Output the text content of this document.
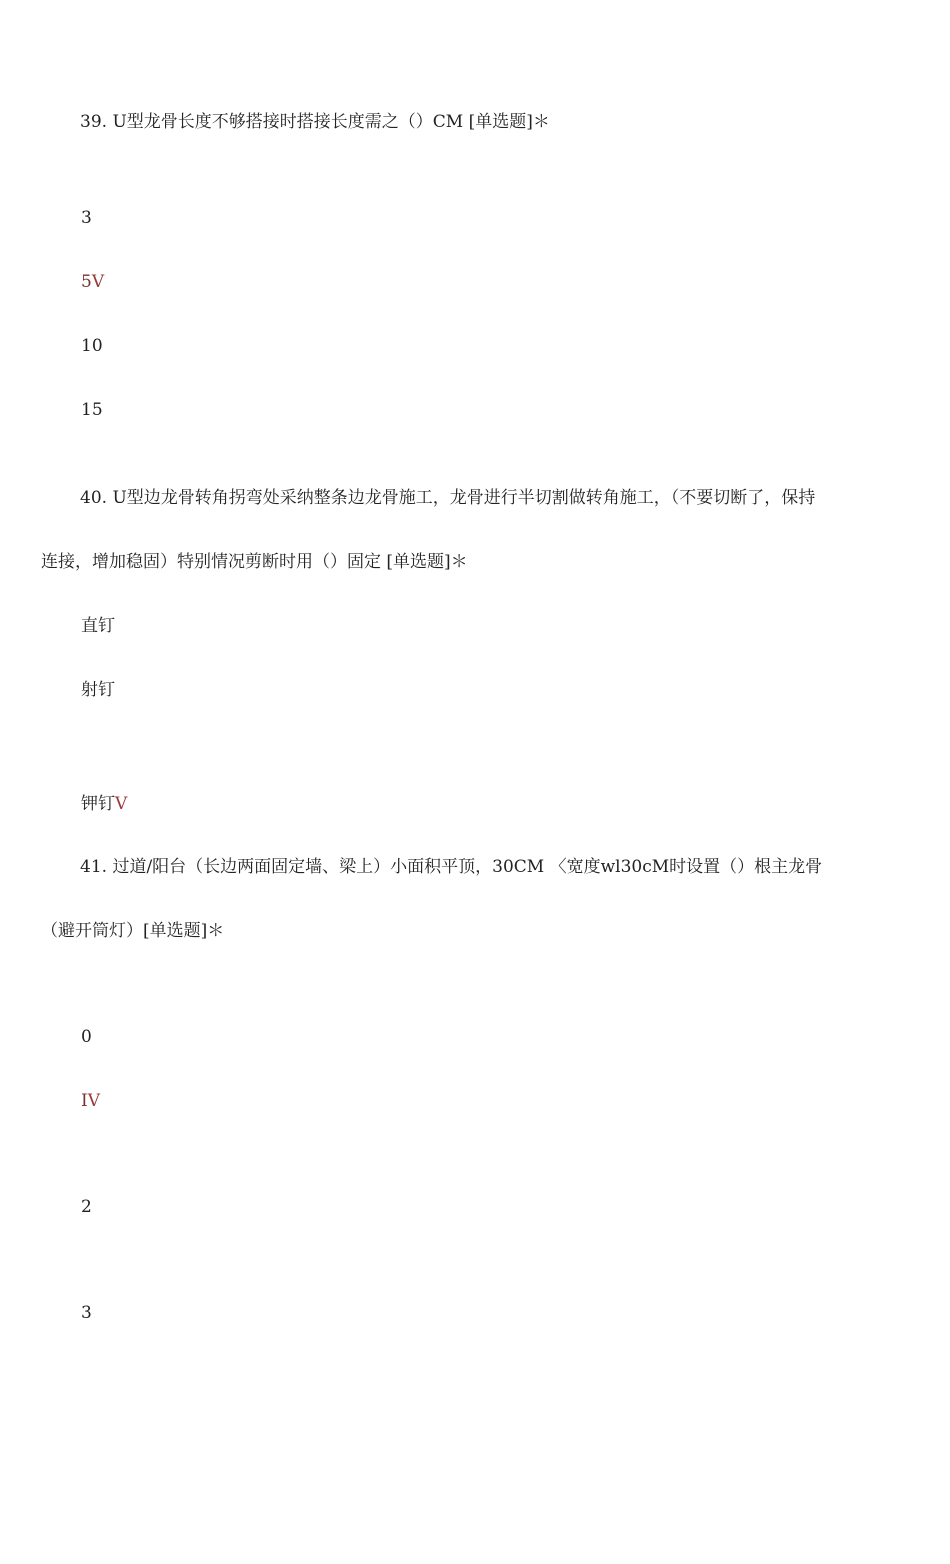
39. U型龙骨长度不够搭接时搭接长度需之（）CM [单选题]＊
3
5V
10
15
40. U型边龙骨转角拐弯处采纳整条边龙骨施工，龙骨进行半切割做转角施工，（不要切断了，保持
连接，增加稳固）特别情况剪断时用（）固定 [单选题]＊
直钉
射钉
钾钉V
41. 过道/阳台（长边两面固定墙、梁上）小面积平顶，30CM 〈宽度wl30cM时设置（）根主龙骨
（避开筒灯）[单选题]＊
0
IV
2
3
